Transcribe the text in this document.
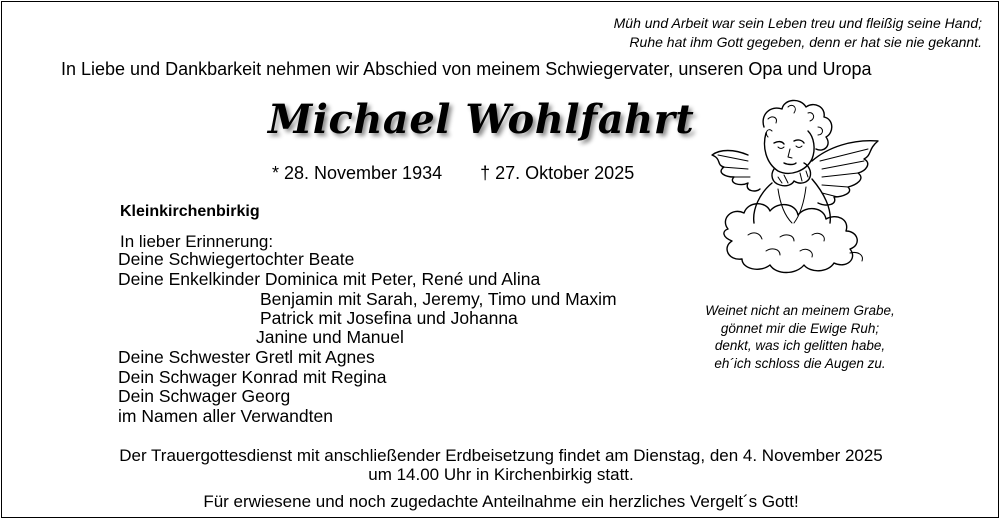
Müh und Arbeit war sein Leben treu und fleißig seine Hand;
Ruhe hat ihm Gott gegeben, denn er hat sie nie gekannt.
In Liebe und Dankbarkeit nehmen wir Abschied von meinem Schwiegervater, unseren Opa und Uropa
Michael Wohlfahrt
* 28. November 1934 † 27. Oktober 2025
Kleinkirchenbirkig
In lieber Erinnerung:
Deine Schwiegertochter Beate
Deine Enkelkinder Dominica mit Peter, René und Alina
Benjamin mit Sarah, Jeremy, Timo und Maxim
Patrick mit Josefina und Johanna
Janine und Manuel
Deine Schwester Gretl mit Agnes
Dein Schwager Konrad mit Regina
Dein Schwager Georg
im Namen aller Verwandten
Weinet nicht an meinem Grabe,
gönnet mir die Ewige Ruh;
denkt, was ich gelitten habe,
eh´ich schloss die Augen zu.
Der Trauergottesdienst mit anschließender Erdbeisetzung findet am Dienstag, den 4. November 2025
um 14.00 Uhr in Kirchenbirkig statt.
Für erwiesene und noch zugedachte Anteilnahme ein herzliches Vergelt´s Gott!
